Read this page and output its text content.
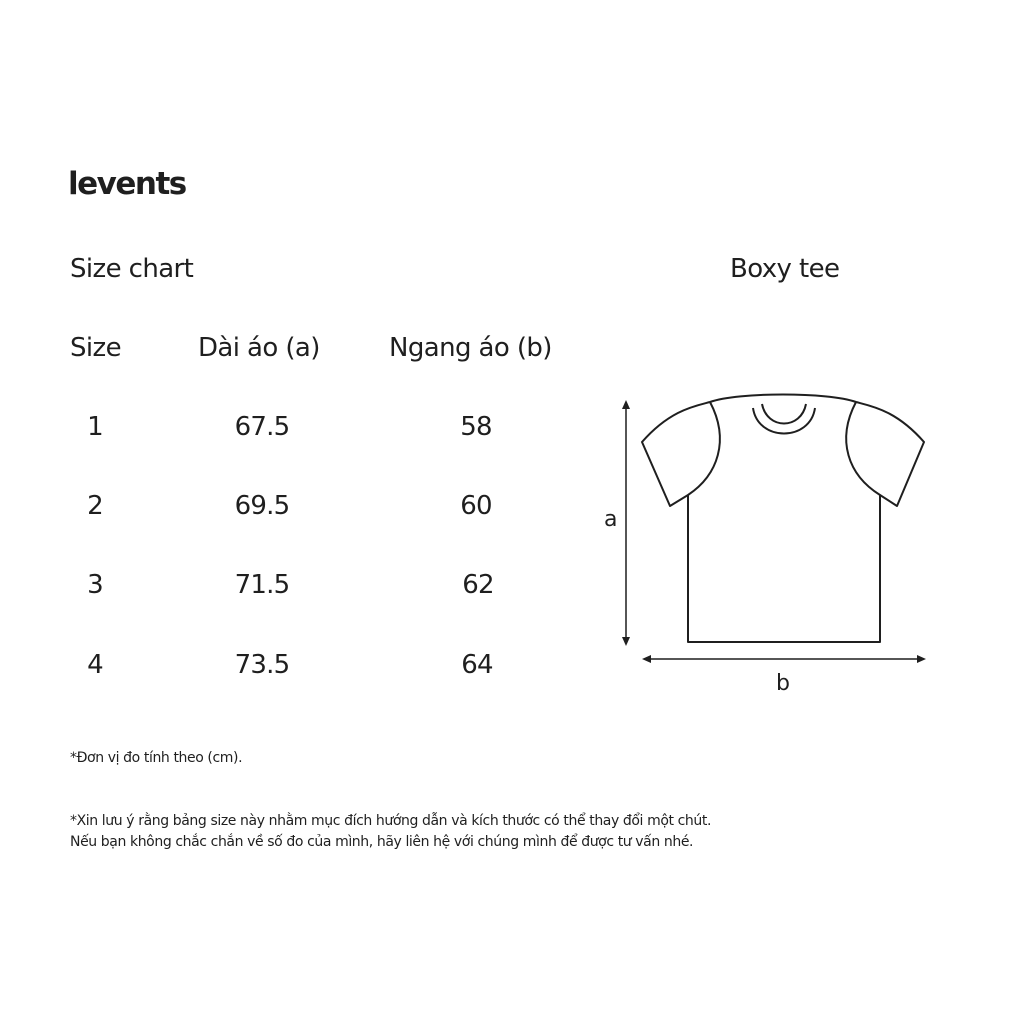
levents
Size chart	Boxy tee
Size	Dài áo (a)	Ngang áo (b)
1	67.5	58
2	69.5	60
3	71.5	62
4	73.5	64
a
b
*Đơn vị đo tính theo (cm).
*Xin lưu ý rằng bảng size này nhằm mục đích hướng dẫn và kích thước có thể thay đổi một chút.
Nếu bạn không chắc chắn về số đo của mình, hãy liên hệ với chúng mình để được tư vấn nhé.
